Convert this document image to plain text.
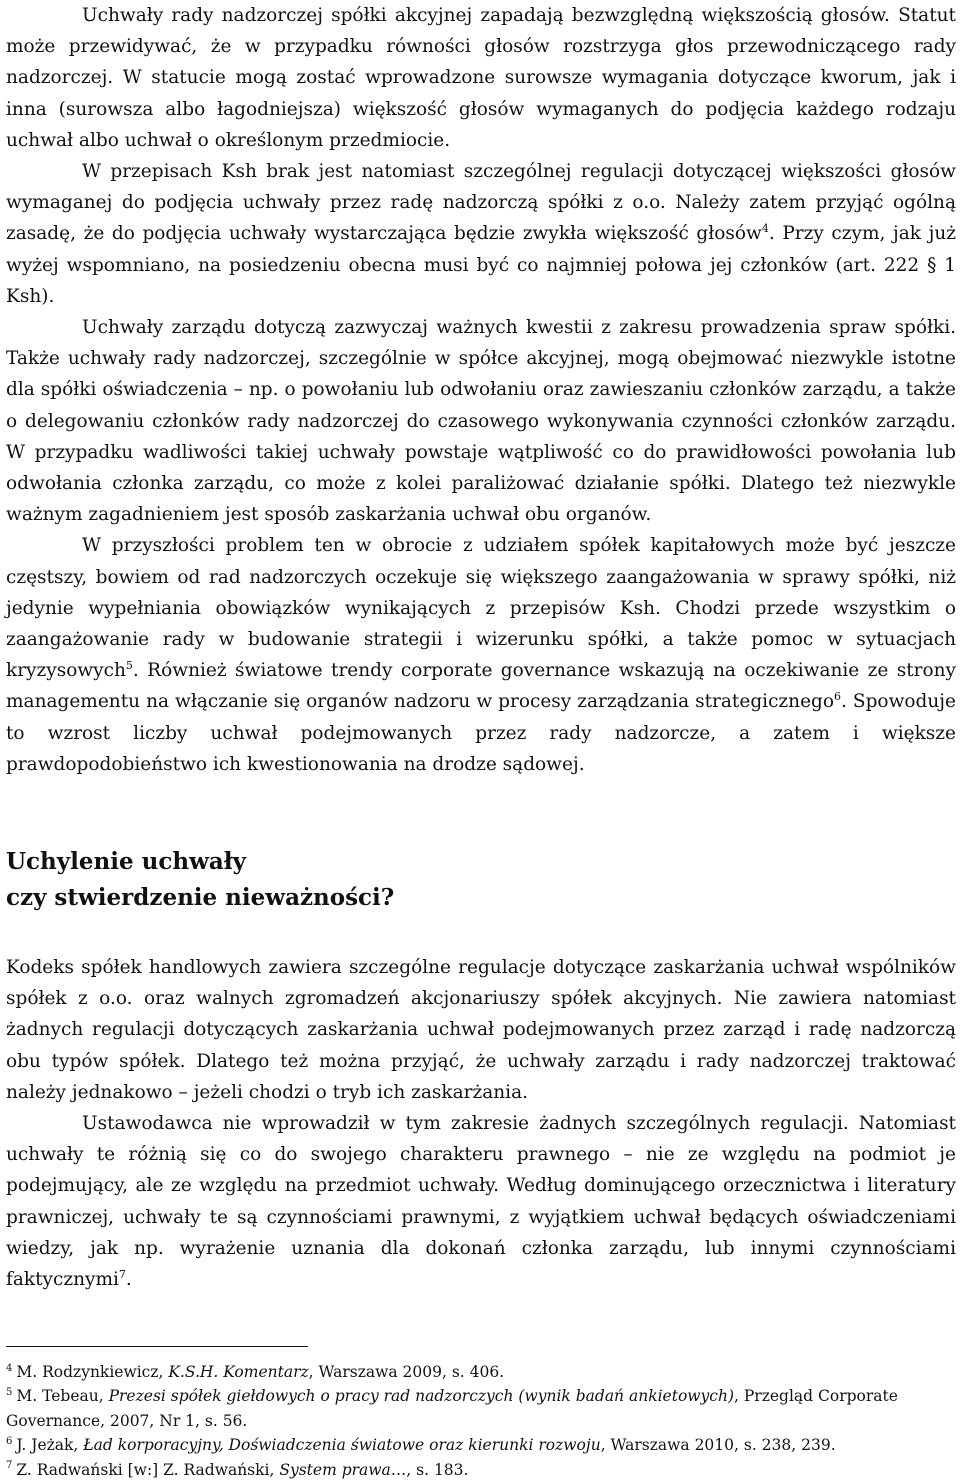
Uchwały rady nadzorczej spółki akcyjnej zapadają bezwzględną większością głosów. Statut może przewidywać, że w przypadku równości głosów rozstrzyga głos przewodniczącego rady nadzorczej. W statucie mogą zostać wprowadzone surowsze wymagania dotyczące kworum, jak i inna (surowsza albo łagodniejsza) większość głosów wymaganych do podjęcia każdego rodzaju uchwał albo uchwał o określonym przedmiocie.

W przepisach Ksh brak jest natomiast szczególnej regulacji dotyczącej większości głosów wymaganej do podjęcia uchwały przez radę nadzorczą spółki z o.o. Należy zatem przyjąć ogólną zasadę, że do podjęcia uchwały wystarczająca będzie zwykła większość głosów$^4$. Przy czym, jak już wyżej wspomniano, na posiedzeniu obecna musi być co najmniej połowa jej członków (art. 222 § 1 Ksh).

Uchwały zarządu dotyczą zazwyczaj ważnych kwestii z zakresu prowadzenia spraw spółki. Także uchwały rady nadzorczej, szczególnie w spółce akcyjnej, mogą obejmować niezwykle istotne dla spółki oświadczenia – np. o powołaniu lub odwołaniu oraz zawieszaniu członków zarządu, a także o delegowaniu członków rady nadzorczej do czasowego wykonywania czynności członków zarządu. W przypadku wadliwości takiej uchwały powstaje wątpliwość co do prawidłowości powołania lub odwołania członka zarządu, co może z kolei paraliżować działanie spółki. Dlatego też niezwykle ważnym zagadnieniem jest sposób zaskarżania uchwał obu organów.

W przyszłości problem ten w obrocie z udziałem spółek kapitałowych może być jeszcze częstszy, bowiem od rad nadzorczych oczekuje się większego zaangażowania w sprawy spółki, niż jedynie wypełniania obowiązków wynikających z przepisów Ksh. Chodzi przede wszystkim o zaangażowanie rady w budowanie strategii i wizerunku spółki, a także pomoc w sytuacjach kryzysowych$^5$. Również światowe trendy corporate governance wskazują na oczekiwanie ze strony managementu na włączanie się organów nadzoru w procesy zarządzania strategicznego$^6$. Spowoduje to wzrost liczby uchwał podejmowanych przez rady nadzorcze, a zatem i większe prawdopodobieństwo ich kwestionowania na drodze sądowej.

Uchylenie uchwały
czy stwierdzenie nieważności?

Kodeks spółek handlowych zawiera szczególne regulacje dotyczące zaskarżania uchwał wspólników spółek z o.o. oraz walnych zgromadzeń akcjonariuszy spółek akcyjnych. Nie zawiera natomiast żadnych regulacji dotyczących zaskarżania uchwał podejmowanych przez zarząd i radę nadzorczą obu typów spółek. Dlatego też można przyjąć, że uchwały zarządu i rady nadzorczej traktować należy jednakowo – jeżeli chodzi o tryb ich zaskarżania.

Ustawodawca nie wprowadził w tym zakresie żadnych szczególnych regulacji. Natomiast uchwały te różnią się co do swojego charakteru prawnego – nie ze względu na podmiot je podejmujący, ale ze względu na przedmiot uchwały. Według dominującego orzecznictwa i literatury prawniczej, uchwały te są czynnościami prawnymi, z wyjątkiem uchwał będących oświadczeniami wiedzy, jak np. wyrażenie uznania dla dokonań członka zarządu, lub innymi czynnościami faktycznymi$^7$.

$^4$ M. Rodzynkiewicz, K.S.H. Komentarz, Warszawa 2009, s. 406.

$^5$ M. Tebeau, Prezesi spółek giełdowych o pracy rad nadzorczych (wynik badań ankietowych), Przegląd Corporate Governance, 2007, Nr 1, s. 56.

$^6$ J. Jeżak, Ład korporacyjny, Doświadczenia światowe oraz kierunki rozwoju, Warszawa 2010, s. 238, 239.

$^7$ Z. Radwański [w:] Z. Radwański, System prawa…, s. 183.
